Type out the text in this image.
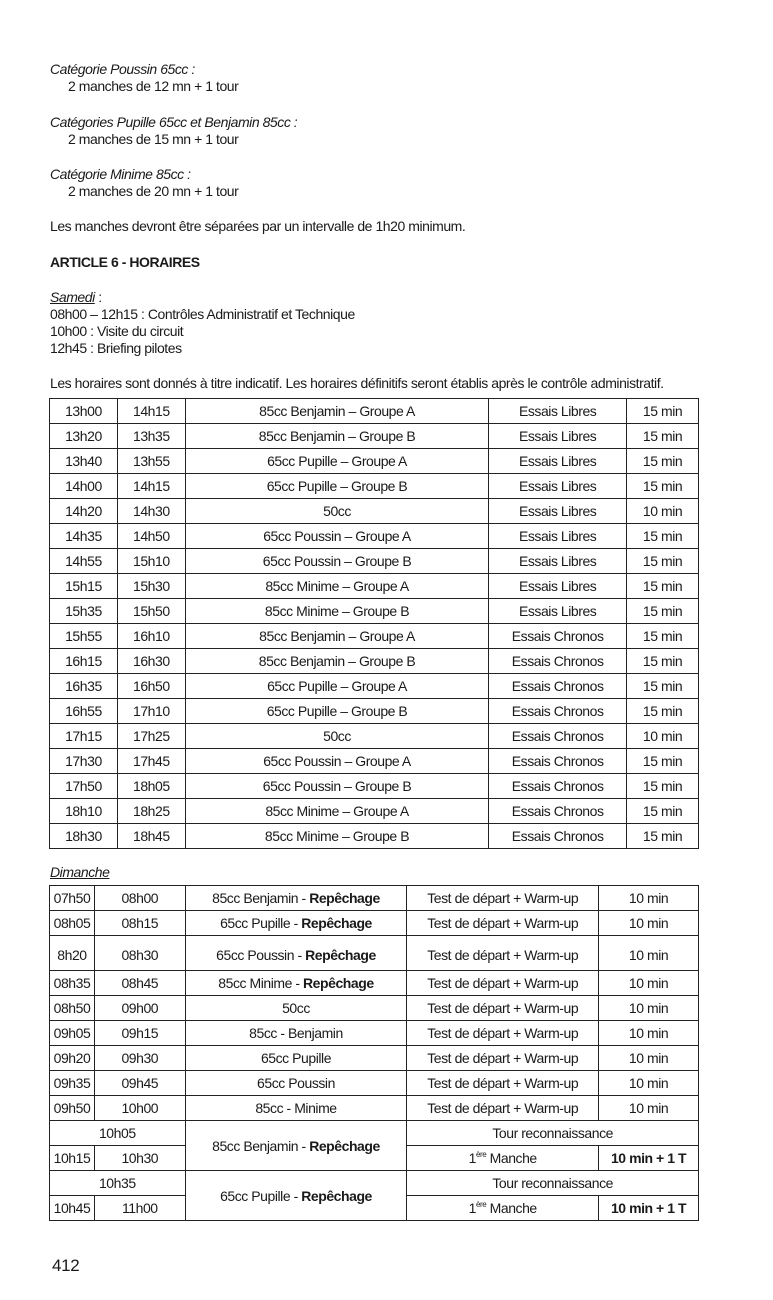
Catégorie Poussin 65cc :
2 manches de 12 mn + 1 tour
Catégories Pupille 65cc et Benjamin 85cc :
2 manches de 15 mn + 1 tour
Catégorie Minime 85cc :
2 manches de 20 mn + 1 tour
Les manches devront être séparées par un intervalle de 1h20 minimum.
ARTICLE 6 - HORAIRES
Samedi :
08h00 – 12h15 : Contrôles Administratif et Technique
10h00 : Visite du circuit
12h45 : Briefing pilotes
Les horaires sont donnés à titre indicatif. Les horaires définitifs seront établis après le contrôle administratif.
13h00	14h15	85cc Benjamin – Groupe A	Essais Libres	15 min
13h20	13h35	85cc Benjamin – Groupe B	Essais Libres	15 min
13h40	13h55	65cc Pupille – Groupe A	Essais Libres	15 min
14h00	14h15	65cc Pupille – Groupe B	Essais Libres	15 min
14h20	14h30	50cc	Essais Libres	10 min
14h35	14h50	65cc Poussin – Groupe A	Essais Libres	15 min
14h55	15h10	65cc Poussin – Groupe B	Essais Libres	15 min
15h15	15h30	85cc Minime – Groupe A	Essais Libres	15 min
15h35	15h50	85cc Minime – Groupe B	Essais Libres	15 min
15h55	16h10	85cc Benjamin – Groupe A	Essais Chronos	15 min
16h15	16h30	85cc Benjamin – Groupe B	Essais Chronos	15 min
16h35	16h50	65cc Pupille – Groupe A	Essais Chronos	15 min
16h55	17h10	65cc Pupille – Groupe B	Essais Chronos	15 min
17h15	17h25	50cc	Essais Chronos	10 min
17h30	17h45	65cc Poussin – Groupe A	Essais Chronos	15 min
17h50	18h05	65cc Poussin – Groupe B	Essais Chronos	15 min
18h10	18h25	85cc Minime – Groupe A	Essais Chronos	15 min
18h30	18h45	85cc Minime – Groupe B	Essais Chronos	15 min
Dimanche
07h50	08h00	85cc Benjamin - Repêchage	Test de départ + Warm-up	10 min
08h05	08h15	65cc Pupille - Repêchage	Test de départ + Warm-up	10 min
8h20	08h30	65cc Poussin - Repêchage	Test de départ + Warm-up	10 min
08h35	08h45	85cc Minime - Repêchage	Test de départ + Warm-up	10 min
08h50	09h00	50cc	Test de départ + Warm-up	10 min
09h05	09h15	85cc - Benjamin	Test de départ + Warm-up	10 min
09h20	09h30	65cc Pupille	Test de départ + Warm-up	10 min
09h35	09h45	65cc Poussin	Test de départ + Warm-up	10 min
09h50	10h00	85cc - Minime	Test de départ + Warm-up	10 min
10h05		85cc Benjamin - Repêchage	Tour reconnaissance	
10h15	10h30		1ère Manche	10 min + 1 T
10h35		65cc Pupille - Repêchage	Tour reconnaissance	
10h45	11h00		1ère Manche	10 min + 1 T
412
